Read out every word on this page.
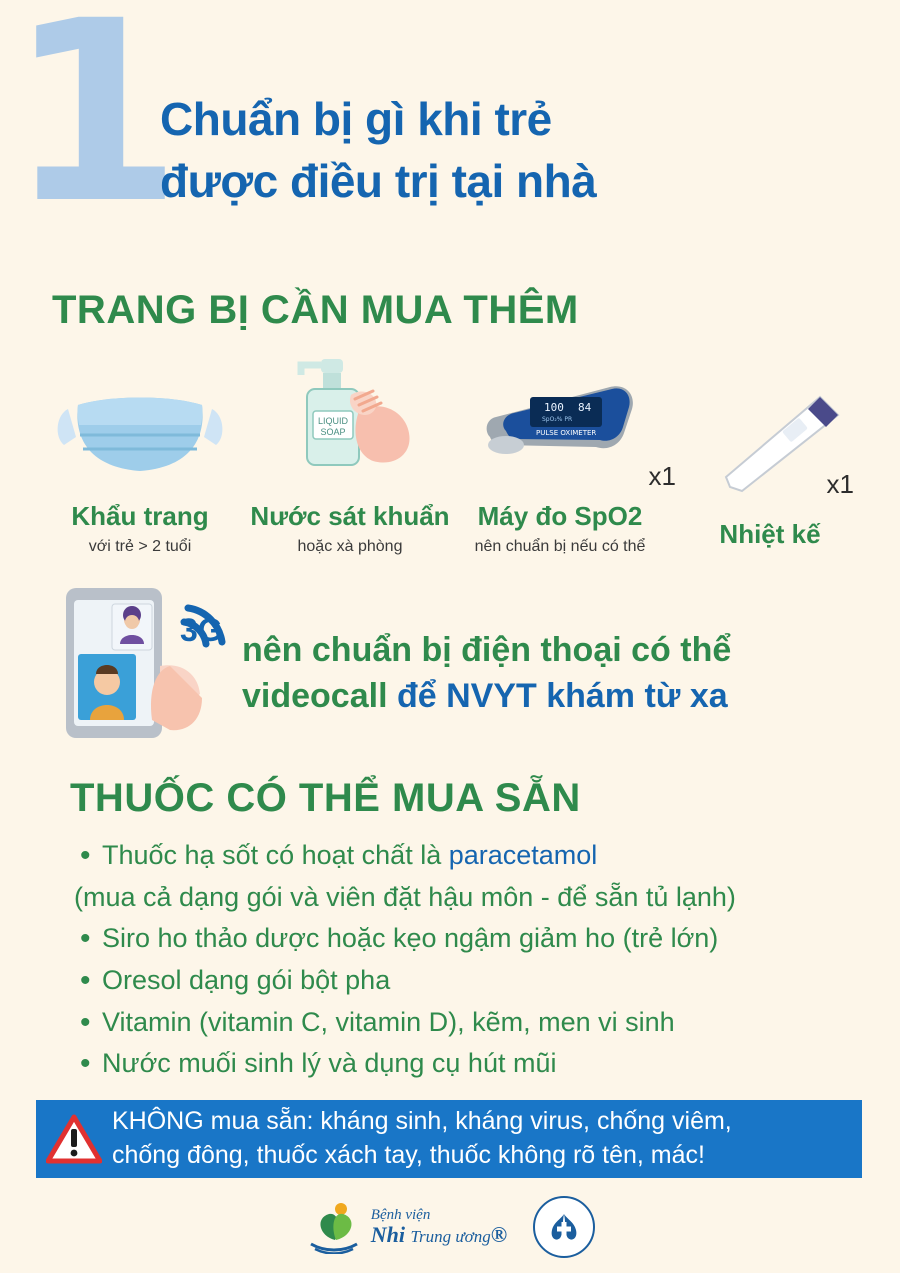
1
Chuẩn bị gì khi trẻ
được điều trị tại nhà
TRANG BỊ CẦN MUA THÊM
Khẩu trang
với trẻ > 2 tuổi
LIQUID
SOAP
Nước sát khuẩn
hoặc xà phòng
100 84
SpO₂% PR
PULSE OXIMETER
x1
Máy đo SpO2
nên chuẩn bị nếu có thể
x1
Nhiệt kế
3G
nên chuẩn bị điện thoại có thể
videocall để NVYT khám từ xa
THUỐC CÓ THỂ MUA SẴN
• Thuốc hạ sốt có hoạt chất là paracetamol
(mua cả dạng gói và viên đặt hậu môn - để sẵn tủ lạnh)
• Siro ho thảo dược hoặc kẹo ngậm giảm ho (trẻ lớn)
• Oresol dạng gói bột pha
• Vitamin (vitamin C, vitamin D), kẽm, men vi sinh
• Nước muối sinh lý và dụng cụ hút mũi
KHÔNG mua sẵn: kháng sinh, kháng virus, chống viêm,
chống đông, thuốc xách tay, thuốc không rõ tên, mác!
Bệnh viện
Nhi Trung ương®
